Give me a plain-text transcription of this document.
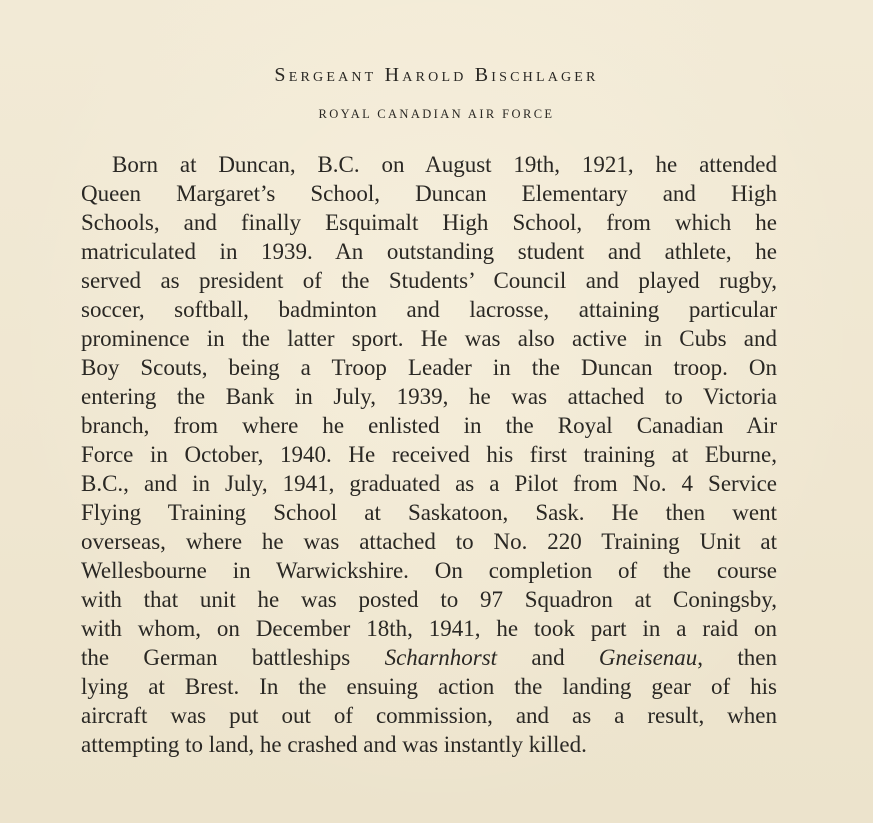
Sergeant Harold Bischlager
ROYAL CANADIAN AIR FORCE
Born at Duncan, B.C. on August 19th, 1921, he attended
Queen Margaret’s School, Duncan Elementary and High
Schools, and finally Esquimalt High School, from which he
matriculated in 1939. An outstanding student and athlete, he
served as president of the Students’ Council and played rugby,
soccer, softball, badminton and lacrosse, attaining particular
prominence in the latter sport. He was also active in Cubs and
Boy Scouts, being a Troop Leader in the Duncan troop. On
entering the Bank in July, 1939, he was attached to Victoria
branch, from where he enlisted in the Royal Canadian Air
Force in October, 1940. He received his first training at Eburne,
B.C., and in July, 1941, graduated as a Pilot from No. 4 Service
Flying Training School at Saskatoon, Sask. He then went
overseas, where he was attached to No. 220 Training Unit at
Wellesbourne in Warwickshire. On completion of the course
with that unit he was posted to 97 Squadron at Coningsby,
with whom, on December 18th, 1941, he took part in a raid on
the German battleships Scharnhorst and Gneisenau, then
lying at Brest. In the ensuing action the landing gear of his
aircraft was put out of commission, and as a result, when
attempting to land, he crashed and was instantly killed.
